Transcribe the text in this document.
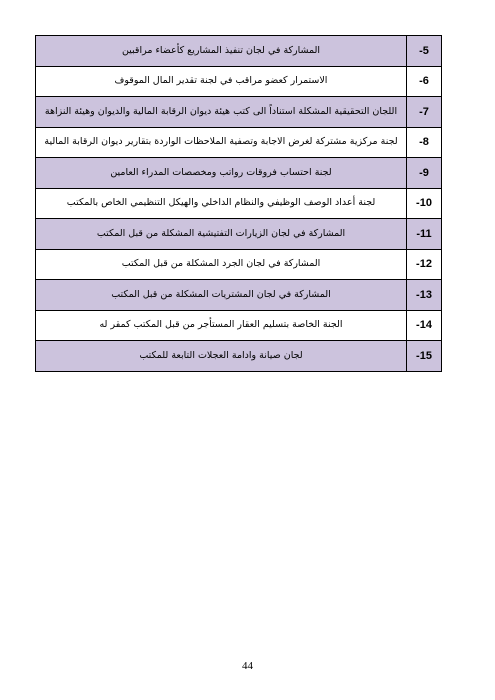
5-	المشاركة في لجان تنفيذ المشاريع كأعضاء مراقبين
6-	الاستمرار كعضو مراقب في لجنة تقدير المال الموقوف
7-	اللجان التحقيقية المشكلة استناداً الى كتب هيئة ديوان الرقابة المالية والديوان وهيئة النزاهة
8-	لجنة مركزية مشتركة لغرض الاجابة وتصفية الملاحظات الواردة بتقارير ديوان الرقابة المالية
9-	لجنة احتساب فروقات رواتب ومخصصات المدراء العامين
10-	لجنة أعداد الوصف الوظيفي والنظام الداخلي والهيكل التنظيمي الخاص بالمكتب
11-	المشاركة في لجان الزيارات التفتيشية المشكلة من قبل المكتب
12-	المشاركة في لجان الجرد المشكلة من قبل المكتب
13-	المشاركة في لجان المشتريات المشكلة من قبل المكتب
14-	الجنة الخاصة بتسليم العقار المستأجر من قبل المكتب كمقر له
15-	لجان صيانة وادامة العجلات التابعة للمكتب
44
